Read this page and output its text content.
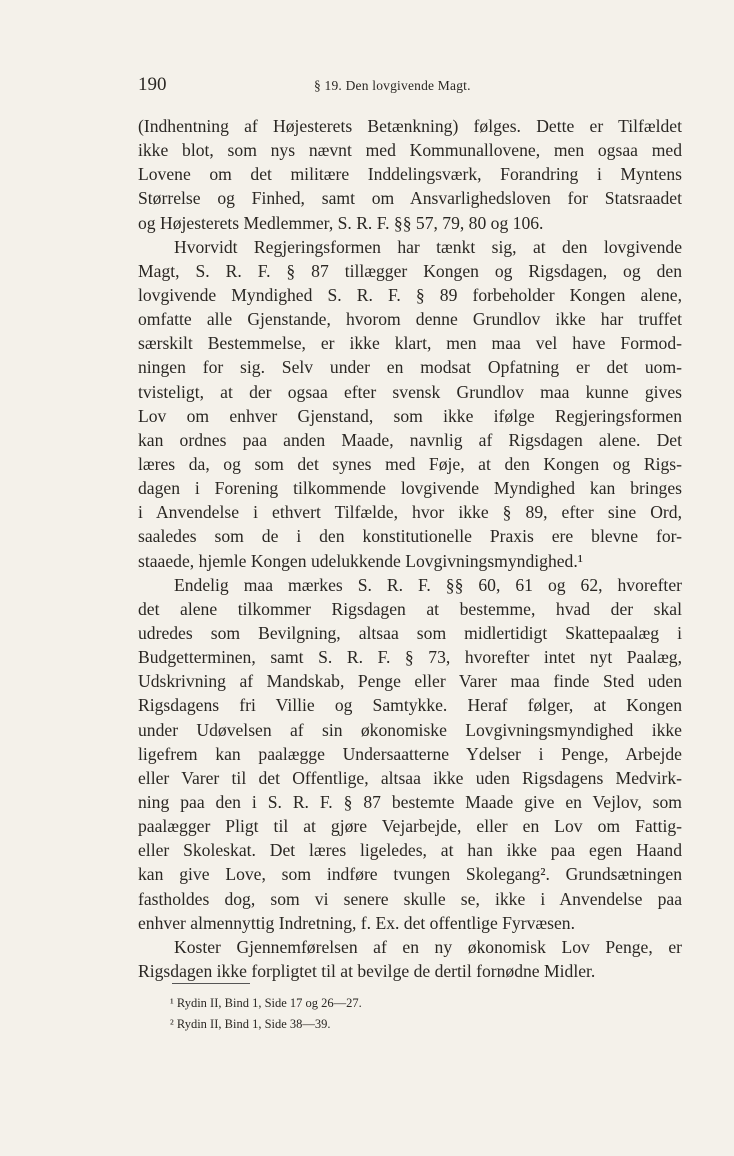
190	§ 19. Den lovgivende Magt.
(Indhentning af Højesterets Betænkning) følges. Dette er Tilfældet
ikke blot, som nys nævnt med Kommunallovene, men ogsaa med
Lovene om det militære Inddelingsværk, Forandring i Myntens
Størrelse og Finhed, samt om Ansvarlighedsloven for Statsraadet
og Højesterets Medlemmer, S. R. F. §§ 57, 79, 80 og 106.
Hvorvidt Regjeringsformen har tænkt sig, at den lovgivende
Magt, S. R. F. § 87 tillægger Kongen og Rigsdagen, og den
lovgivende Myndighed S. R. F. § 89 forbeholder Kongen alene,
omfatte alle Gjenstande, hvorom denne Grundlov ikke har truffet
særskilt Bestemmelse, er ikke klart, men maa vel have Formod-
ningen for sig. Selv under en modsat Opfatning er det uom-
tvisteligt, at der ogsaa efter svensk Grundlov maa kunne gives
Lov om enhver Gjenstand, som ikke ifølge Regjeringsformen
kan ordnes paa anden Maade, navnlig af Rigsdagen alene. Det
læres da, og som det synes med Føje, at den Kongen og Rigs-
dagen i Forening tilkommende lovgivende Myndighed kan bringes
i Anvendelse i ethvert Tilfælde, hvor ikke § 89, efter sine Ord,
saaledes som de i den konstitutionelle Praxis ere blevne for-
staaede, hjemle Kongen udelukkende Lovgivningsmyndighed.¹
Endelig maa mærkes S. R. F. §§ 60, 61 og 62, hvorefter
det alene tilkommer Rigsdagen at bestemme, hvad der skal
udredes som Bevilgning, altsaa som midlertidigt Skattepaalæg i
Budgetterminen, samt S. R. F. § 73, hvorefter intet nyt Paalæg,
Udskrivning af Mandskab, Penge eller Varer maa finde Sted uden
Rigsdagens fri Villie og Samtykke. Heraf følger, at Kongen
under Udøvelsen af sin økonomiske Lovgivningsmyndighed ikke
ligefrem kan paalægge Undersaatterne Ydelser i Penge, Arbejde
eller Varer til det Offentlige, altsaa ikke uden Rigsdagens Medvirk-
ning paa den i S. R. F. § 87 bestemte Maade give en Vejlov, som
paalægger Pligt til at gjøre Vejarbejde, eller en Lov om Fattig-
eller Skoleskat. Det læres ligeledes, at han ikke paa egen Haand
kan give Love, som indføre tvungen Skolegang². Grundsætningen
fastholdes dog, som vi senere skulle se, ikke i Anvendelse paa
enhver almennyttig Indretning, f. Ex. det offentlige Fyrvæsen.
Koster Gjennemførelsen af en ny økonomisk Lov Penge, er
Rigsdagen ikke forpligtet til at bevilge de dertil fornødne Midler.
¹ Rydin II, Bind 1, Side 17 og 26—27.
² Rydin II, Bind 1, Side 38—39.
